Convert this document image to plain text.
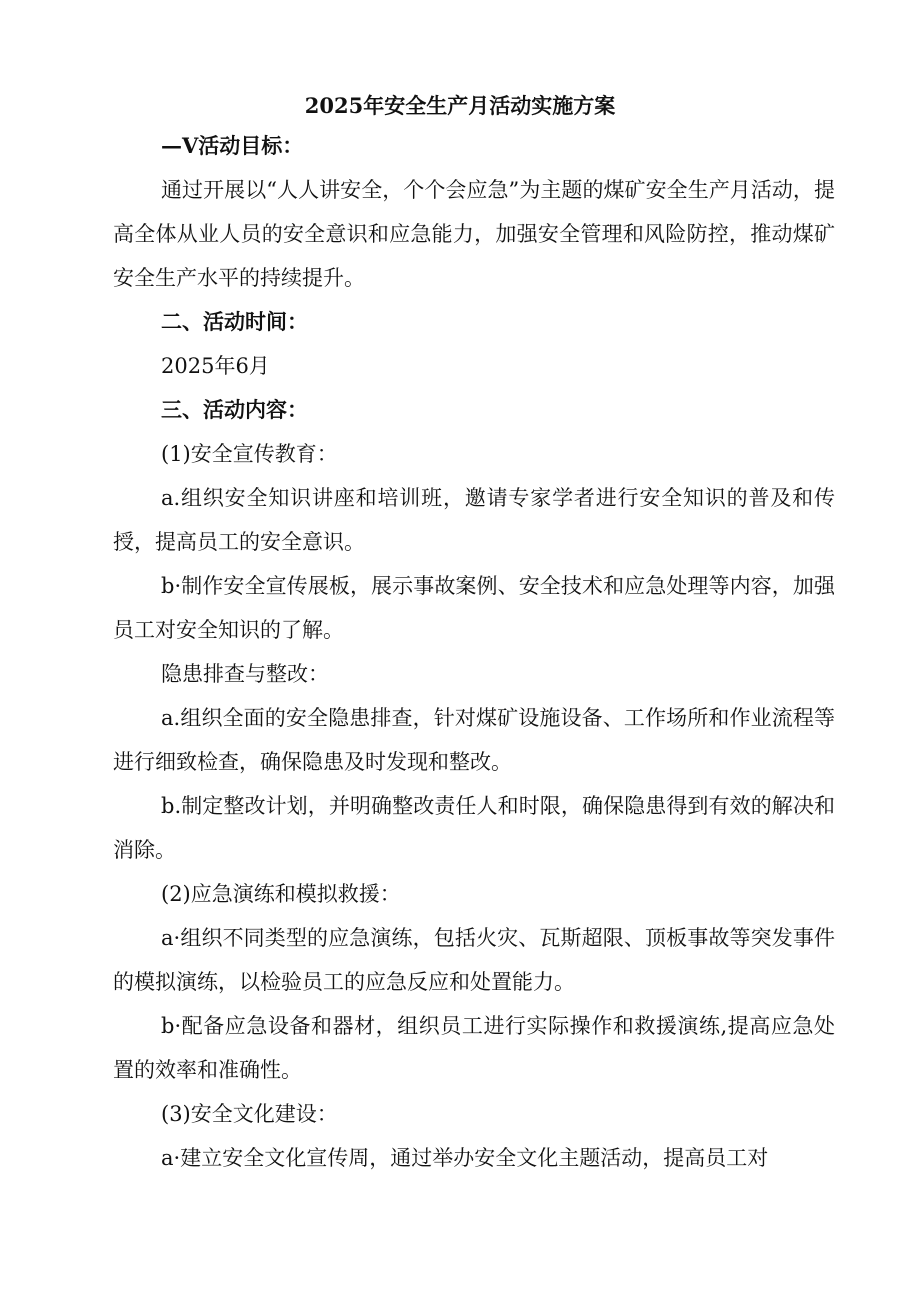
2025年安全生产月活动实施方案
—V活动目标：
通过开展以“人人讲安全，个个会应急”为主题的煤矿安全生产月活动，提高全体从业人员的安全意识和应急能力，加强安全管理和风险防控，推动煤矿安全生产水平的持续提升。
二、活动时间：
2025年6月
三、活动内容：
(1)安全宣传教育：
a.组织安全知识讲座和培训班，邀请专家学者进行安全知识的普及和传授，提高员工的安全意识。
b·制作安全宣传展板，展示事故案例、安全技术和应急处理等内容，加强员工对安全知识的了解。
隐患排查与整改：
a.组织全面的安全隐患排查，针对煤矿设施设备、工作场所和作业流程等进行细致检查，确保隐患及时发现和整改。
b.制定整改计划，并明确整改责任人和时限，确保隐患得到有效的解决和消除。
(2)应急演练和模拟救援：
a·组织不同类型的应急演练，包括火灾、瓦斯超限、顶板事故等突发事件的模拟演练，以检验员工的应急反应和处置能力。
b·配备应急设备和器材，组织员工进行实际操作和救援演练,提高应急处置的效率和准确性。
(3)安全文化建设：
a·建立安全文化宣传周，通过举办安全文化主题活动，提高员工对
